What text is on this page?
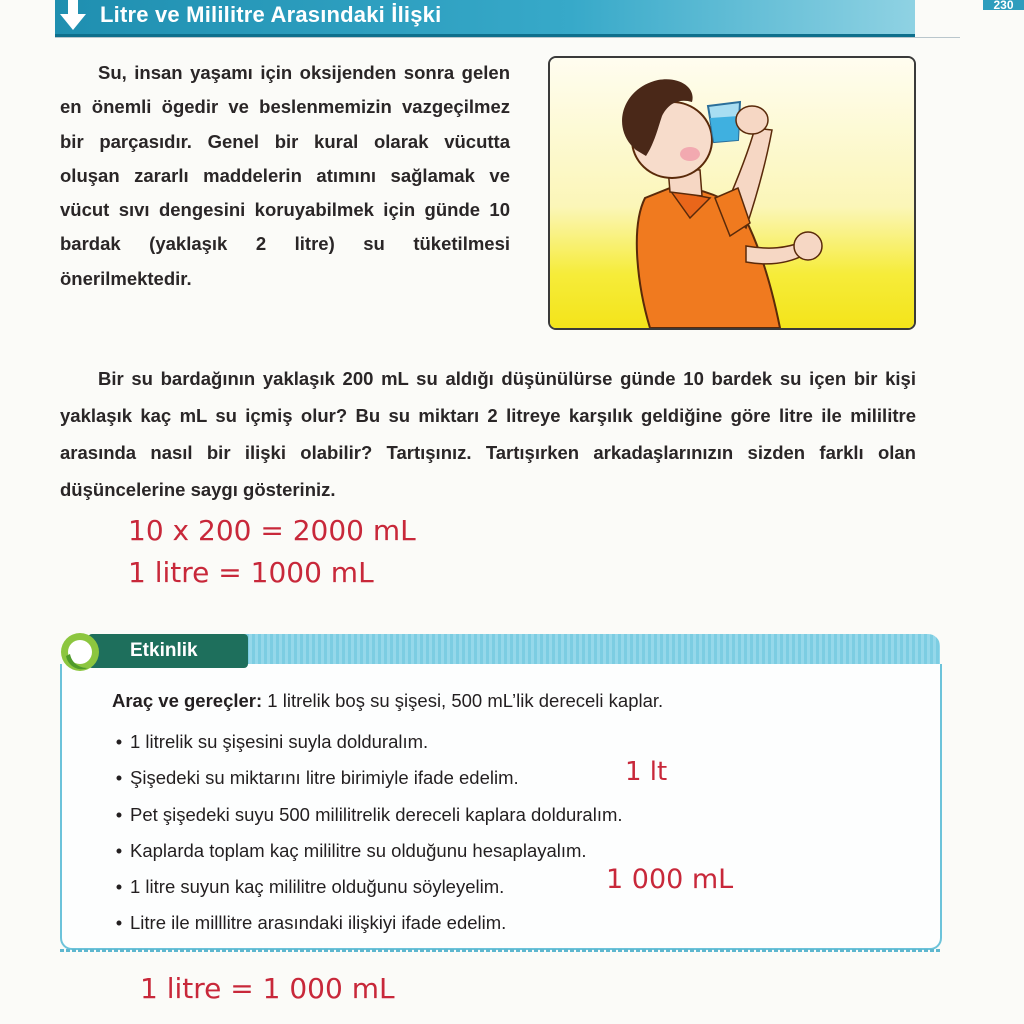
Litre ve Mililitre Arasındaki İlişki	230
Su, insan yaşamı için oksijenden sonra gelen en önemli ögedir ve beslenmemizin vazgeçilmez bir parçasıdır. Genel bir kural olarak vücutta oluşan zararlı maddelerin atımını sağlamak ve vücut sıvı dengesini koruyabilmek için günde 10 bardak (yaklaşık 2 litre) su tüketilmesi önerilmektedir.
Bir su bardağının yaklaşık 200 mL su aldığı düşünülürse günde 10 bardek su içen bir kişi yaklaşık kaç mL su içmiş olur? Bu su miktarı 2 litreye karşılık geldiğine göre litre ile mililitre arasında nasıl bir ilişki olabilir? Tartışınız. Tartışırken arkadaşlarınızın sizden farklı olan düşüncelerine saygı gösteriniz.
10 x 200 = 2000 mL
1 litre = 1000 mL
Etkinlik
Araç ve gereçler: 1 litrelik boş su şişesi, 500 mL’lik dereceli kaplar.
• 1 litrelik su şişesini suyla dolduralım.
• Şişedeki su miktarını litre birimiyle ifade edelim.
• Pet şişedeki suyu 500 mililitrelik dereceli kaplara dolduralım.
• Kaplarda toplam kaç mililitre su olduğunu hesaplayalım.
• 1 litre suyun kaç mililitre olduğunu söyleyelim.
• Litre ile milllitre arasındaki ilişkiyi ifade edelim.
1 lt
1 000 mL
1 litre = 1 000 mL
